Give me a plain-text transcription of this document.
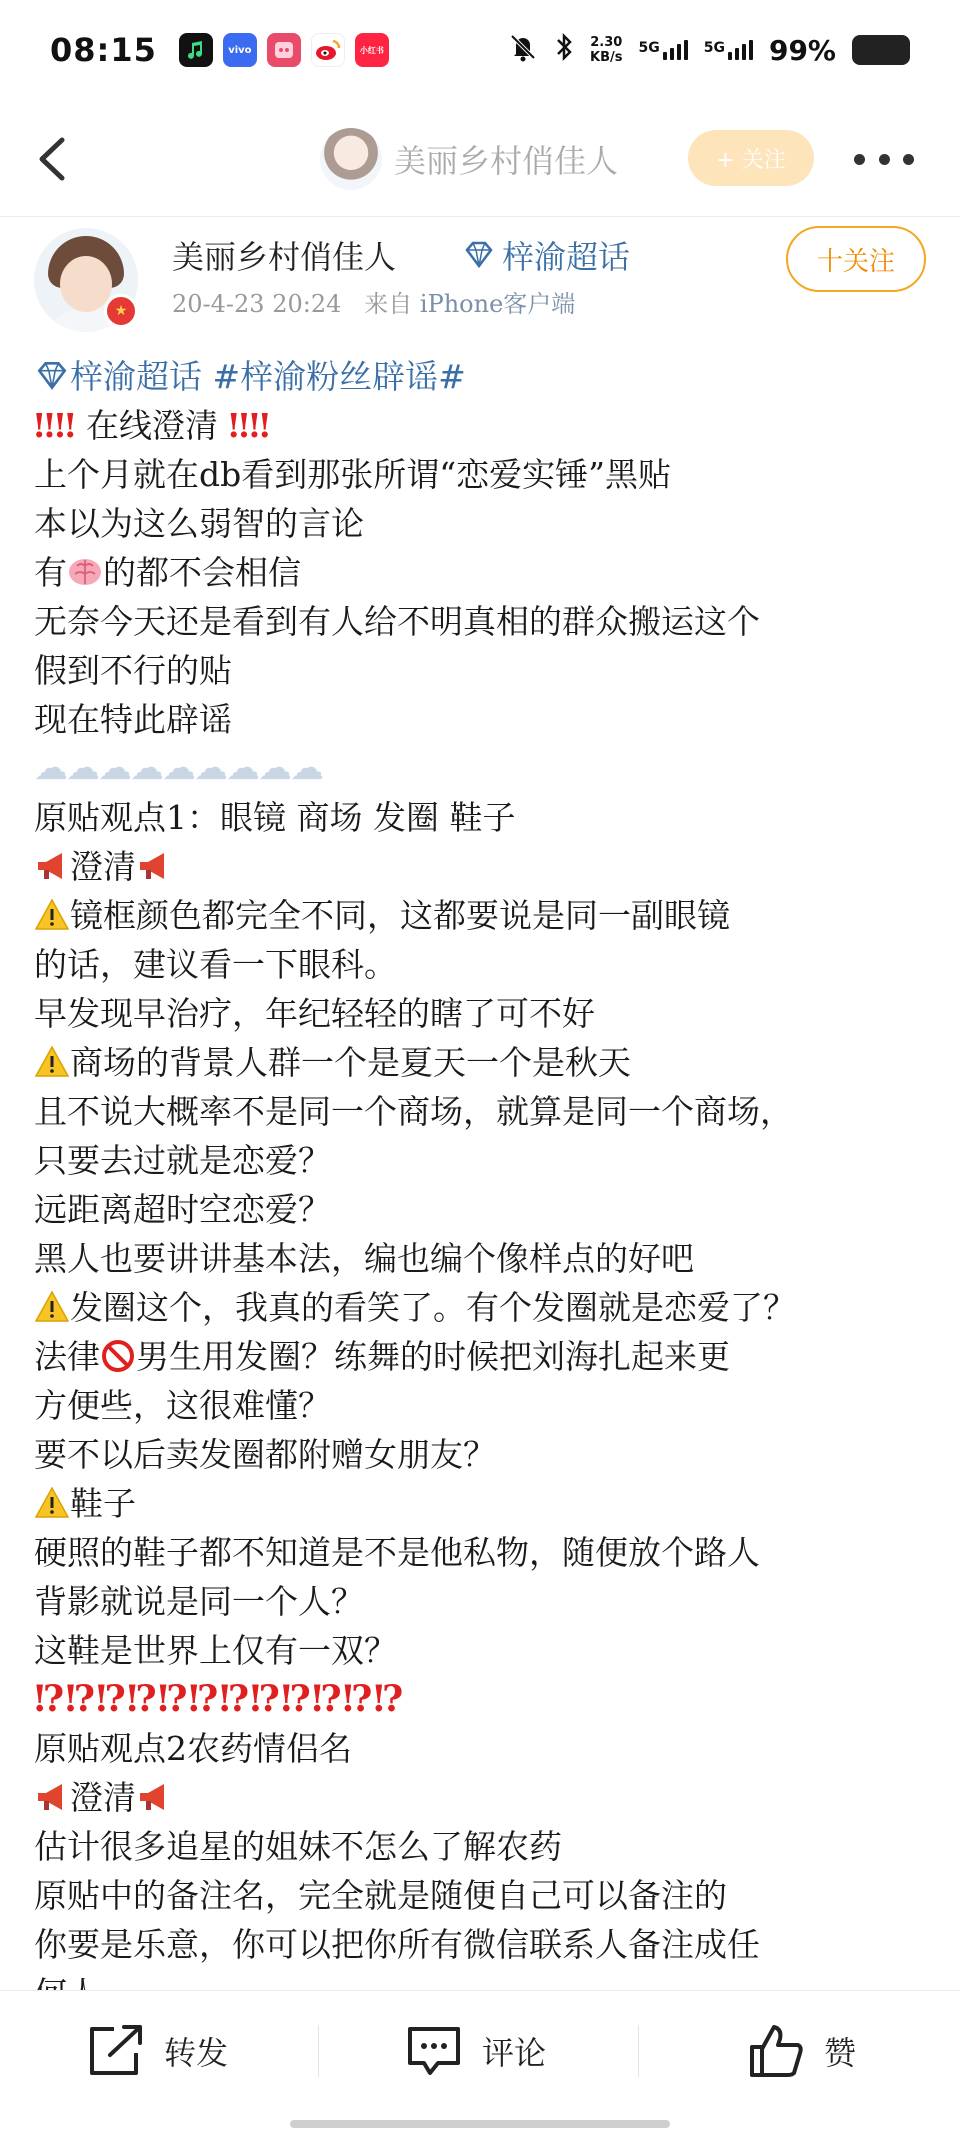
08:15	vivo	小红书	2.30
KB/s
5G	5G 99%
美丽乡村俏佳人	+ 关注
★
美丽乡村俏佳人	梓渝超话
20-4-23 20:24 来自 iPhone客户端
十关注
梓渝超话 #梓渝粉丝辟谣#
‼‼ 在线澄清 ‼‼
上个月就在db看到那张所谓“恋爱实锤”黑贴
本以为这么弱智的言论
有 的都不会相信
无奈今天还是看到有人给不明真相的群众搬运这个
假到不行的贴
现在特此辟谣
☁☁☁☁☁☁☁☁☁
原贴观点1：眼镜 商场 发圈 鞋子
澄清
镜框颜色都完全不同，这都要说是同一副眼镜
的话，建议看一下眼科。
早发现早治疗，年纪轻轻的瞎了可不好
商场的背景人群一个是夏天一个是秋天
且不说大概率不是同一个商场，就算是同一个商场，
只要去过就是恋爱？
远距离超时空恋爱？
黑人也要讲讲基本法，编也编个像样点的好吧
发圈这个，我真的看笑了。有个发圈就是恋爱了？
法律 男生用发圈？练舞的时候把刘海扎起来更
方便些，这很难懂？
要不以后卖发圈都附赠女朋友？
鞋子
硬照的鞋子都不知道是不是他私物，随便放个路人
背影就说是同一个人？
这鞋是世界上仅有一双？
⁉⁉⁉⁉⁉⁉⁉⁉⁉⁉⁉⁉
原贴观点2农药情侣名
澄清
估计很多追星的姐妹不怎么了解农药
原贴中的备注名，完全就是随便自己可以备注的
你要是乐意，你可以把你所有微信联系人备注成任
转发	评论	赞
